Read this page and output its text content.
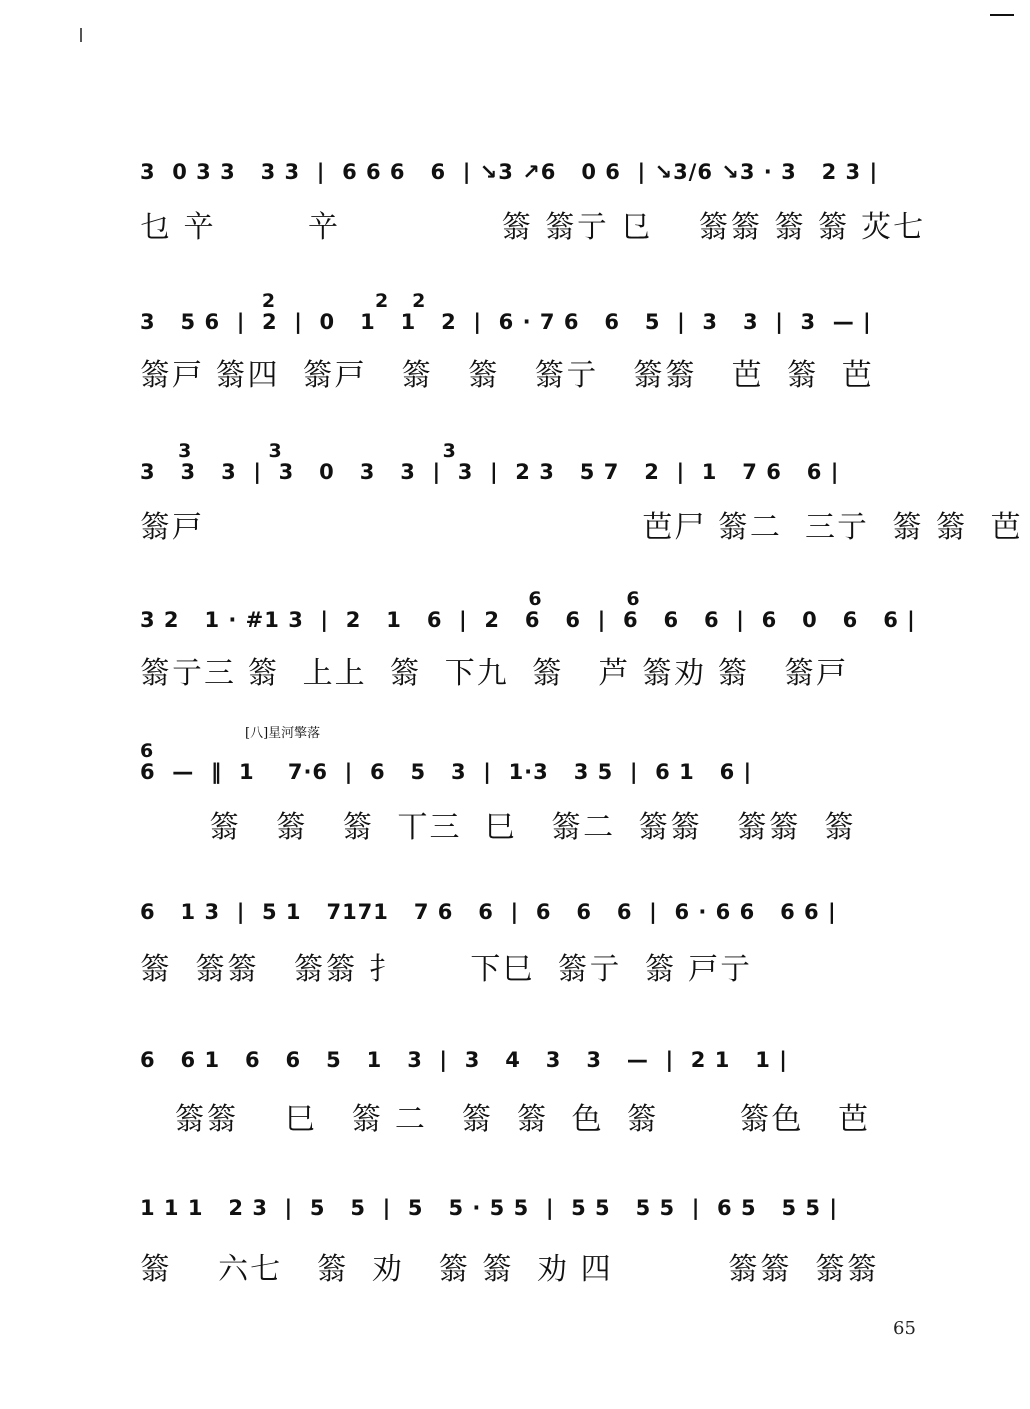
3  0 3 3   3 3  |  6 6 6   6  | ↘3 ↗6   0 6  | ↘3/6 ↘3 · 3   2 3 |
乜 䇂        䇂              䈵 䈵亍 㔾    䈵䈵 䈵 䈵 苂七
2             2   2
3   5 6  |  2  |  0   1   1   2  |  6 · 7 6   6   5  |  3   3  |  3  — |
䈵戸 䈵四  䈵戸   䈵   䈵   䈵亍   䈵䈵   芭  䈵  芭
3          3                     3
3   3   3  |  3   0   3   3  |  3  |  2 3   5 7   2  |  1   7 6   6 |
䈵戸                                      芭尸 䈵二  三亍  䈵 䈵  芭
6           6
3 2   1 · #1 3  |  2   1   6  |  2   6   6  |  6   6   6  |  6   0   6   6 |
䈵亍三 䈵  上上  䈵  下九  䈵   芦 䈵劝 䈵   䈵戸
[八]星河擎落
6
6  —  ‖  1    7·6  |  6   5   3  |  1·3   3 5  |  6 1   6 |
䈵   䈵   䈵  丅三  巳   䈵二  䈵䈵   䈵䈵  䈵
6   1 3  |  5 1   7171   7 6   6  |  6   6   6  |  6 · 6 6   6 6 |
䈵  䈵䈵   䈵䈵 扌      下巳  䈵亍  䈵 戸亍
6   6 1   6   6   5   1   3  |  3   4   3   3   —  |  2 1   1 |
䈵䈵    巳   䈵 二   䈵  䈵  色  䈵       䈵色   芭
1 1 1   2 3  |  5   5  |  5   5 · 5 5  |  5 5   5 5  |  6 5   5 5 |
䈵    六七   䈵  劝   䈵 䈵  劝 四          䈵䈵  䈵䈵
65
